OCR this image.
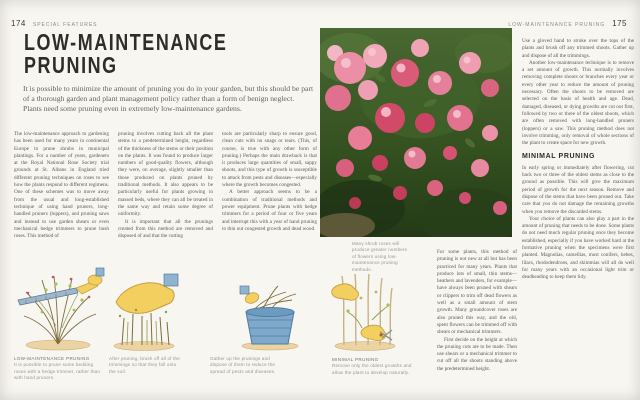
174 SPECIAL FEATURES
LOW-MAINTENANCE
PRUNING
It is possible to minimize the amount of pruning you do in your garden, but this should be part of a thorough garden and plant management policy rather than a form of benign neglect. Plants need some pruning even in extremely low-maintenance gardens.

The low-maintenance approach to gardening has been used for many years in continental Europe to prune shrubs in municipal plantings. For a number of years, gardeners at the Royal National Rose Society trial grounds at St. Albans in England tried different pruning techniques on roses to see how the plants respond to different regimens. One of these schemes was to move away from the usual and long-established technique of using hand pruners, long-handled pruners (loppers), and pruning saws and instead to use garden shears or even mechanical hedge trimmers to prune bush roses. This method of

pruning involves cutting back all the plant stems to a predetermined height, regardless of the thickness of the stems or their position on the plants. It was found to produce larger numbers of good-quality flowers, although they were, on average, slightly smaller than those produced on plants pruned by traditional methods. It also appears to be particularly useful for plants growing in massed beds, where they can all be treated in the same way and retain some degree of uniformity.

It is important that all the prunings created from this method are removed and disposed of and that the cutting

tools are particularly sharp to ensure good, clean cuts with no snags or tears. (This, of course, is true with any other form of pruning.) Perhaps the main drawback is that it produces large quantities of small, sappy shoots, and this type of growth is susceptible to attack from pests and diseases—especially where the growth becomes congested.

A better approach seems to be a combination of traditional methods and power equipment. Prune plants with hedge trimmers for a period of four or five years and interrupt this with a year of hand pruning to thin out congested growth and dead wood.

LOW-MAINTENANCE PRUNING
It is possible to prune some bedding roses with a hedge trimmer, rather than with hand pruners.
After pruning, brush off all of the trimmings so that they fall onto the soil.
Gather up the prunings and dispose of them to reduce the spread of pests and diseases.
LOW-MAINTENANCE PRUNING 175
Many shrub roses will produce greater numbers of flowers using low-maintenance pruning methods.
MINIMAL PRUNING
Remove only the oldest growths and allow the plant to develop naturally.

For some plants, this method of pruning is not new at all but has been practiced for many years. Plants that produce lots of small, thin stems—heathers and lavenders, for example—have always been pruned with shears or clippers to trim off dead flowers as well as a small amount of stem growth. Many groundcover roses are also pruned this way, and the old, spent flowers can be trimmed off with shears or mechanical trimmers.

First decide on the height at which the pruning cuts are to be made. Then use shears or a mechanical trimmer to cut off all the shoots standing above the predetermined height.

Use a gloved hand to stroke over the tops of the plants and brush off any trimmed shoots. Gather up and dispose of all the trimmings.

Another low-maintenance technique is to remove a set amount of growth. This normally involves removing complete shoots or branches every year or every other year to reduce the amount of pruning necessary. Often the shoots to be removed are selected on the basis of health and age. Dead, damaged, diseased, or dying growths are cut out first, followed by two or three of the oldest shoots, which are often removed with long-handled pruners (loppers) or a saw. This pruning method does not involve trimming, only removal of whole sections of the plant to create space for new growth.

MINIMAL PRUNING

In early spring or immediately after flowering, cut back two or three of the oldest stems as close to the ground as possible. This will give the maximum period of growth for the next season. Remove and dispose of the stems that have been pruned out. Take care that you do not damage the remaining growths when you remove the discarded stems.

Your choice of plants can also play a part in the amount of pruning that needs to be done. Some plants do not need much regular pruning once they become established, especially if you have worked hard at the formative pruning when the specimens were first planted. Magnolias, camellias, most conifers, hebes, lilacs, rhododendrons, and skimmias will all do well for many years with an occasional light trim or deadheading to keep them tidy.
